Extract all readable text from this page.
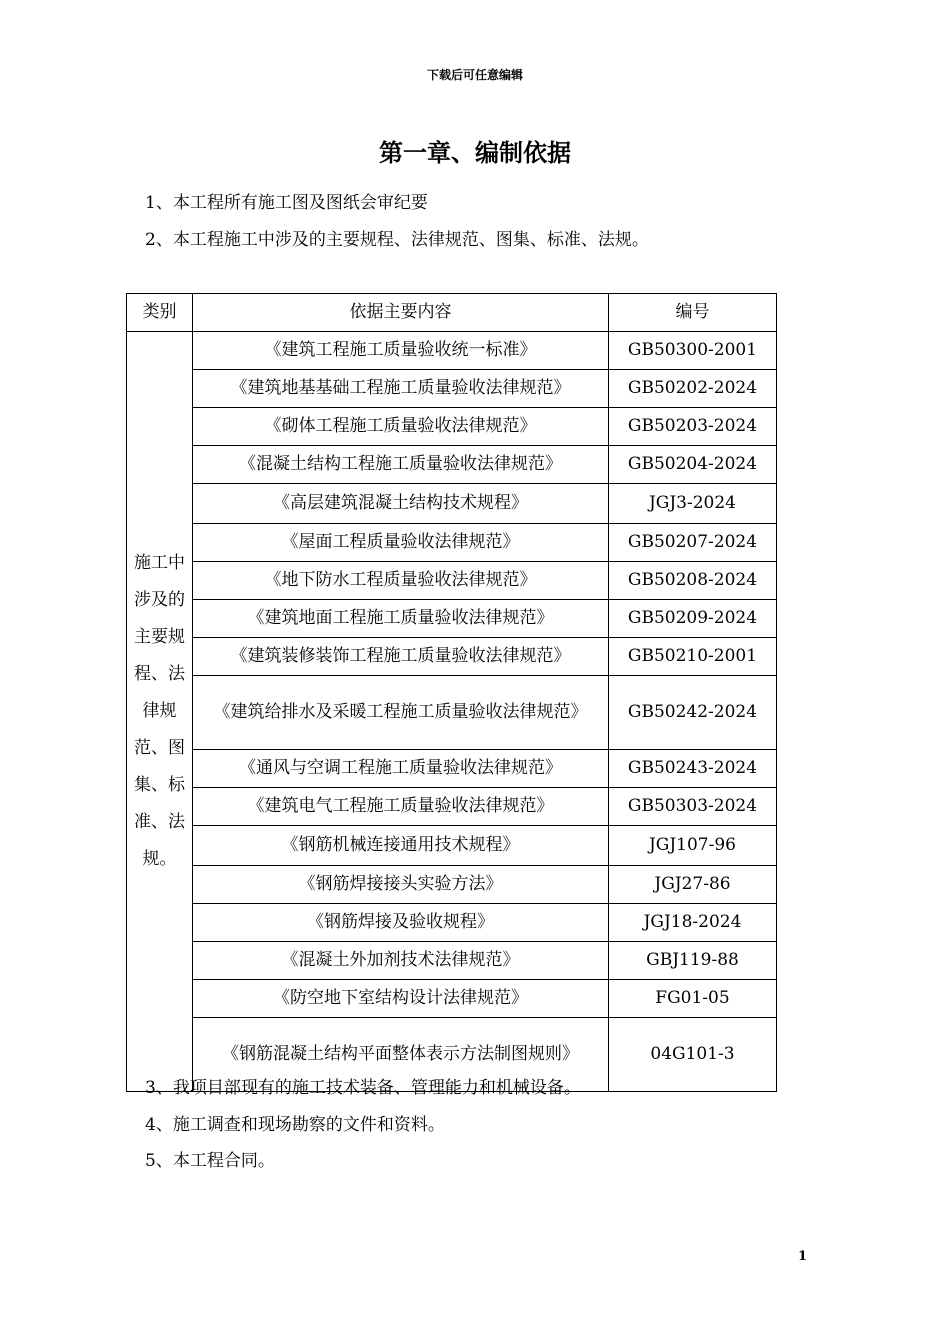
下载后可任意编辑
第一章、编制依据
1、本工程所有施工图及图纸会审纪要
2、本工程施工中涉及的主要规程、法律规范、图集、标准、法规。
类别	依据主要内容	编号
施工中涉及的主要规程、法律规范、图集、标准、法规。	《建筑工程施工质量验收统一标准》	GB50300-2001
	《建筑地基基础工程施工质量验收法律规范》	GB50202-2024
	《砌体工程施工质量验收法律规范》	GB50203-2024
	《混凝土结构工程施工质量验收法律规范》	GB50204-2024
	《高层建筑混凝土结构技术规程》	JGJ3-2024
	《屋面工程质量验收法律规范》	GB50207-2024
	《地下防水工程质量验收法律规范》	GB50208-2024
	《建筑地面工程施工质量验收法律规范》	GB50209-2024
	《建筑装修装饰工程施工质量验收法律规范》	GB50210-2001
	《建筑给排水及采暖工程施工质量验收法律规范》	GB50242-2024
	《通风与空调工程施工质量验收法律规范》	GB50243-2024
	《建筑电气工程施工质量验收法律规范》	GB50303-2024
	《钢筋机械连接通用技术规程》	JGJ107-96
	《钢筋焊接接头实验方法》	JGJ27-86
	《钢筋焊接及验收规程》	JGJ18-2024
	《混凝土外加剂技术法律规范》	GBJ119-88
	《防空地下室结构设计法律规范》	FG01-05
	《钢筋混凝土结构平面整体表示方法制图规则》	04G101-3
3、我项目部现有的施工技术装备、管理能力和机械设备。
4、施工调查和现场勘察的文件和资料。
5、本工程合同。
1
